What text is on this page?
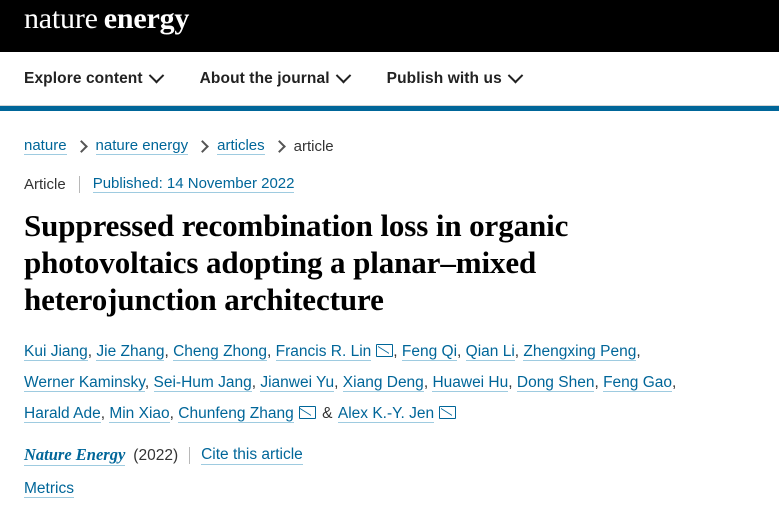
nature energy
Explore content	About the journal	Publish with us
nature nature energy articles article
Article Published: 14 November 2022
Suppressed recombination loss in organic photovoltaics adopting a planar–mixed heterojunction architecture
Kui Jiang, Jie Zhang, Cheng Zhong, Francis R. Lin , Feng Qi, Qian Li, Zhengxing Peng, Werner Kaminsky, Sei-Hum Jang, Jianwei Yu, Xiang Deng, Huawei Hu, Dong Shen, Feng Gao, Harald Ade, Min Xiao, Chunfeng Zhang & Alex K.-Y. Jen
Nature Energy (2022) Cite this article
Metrics
